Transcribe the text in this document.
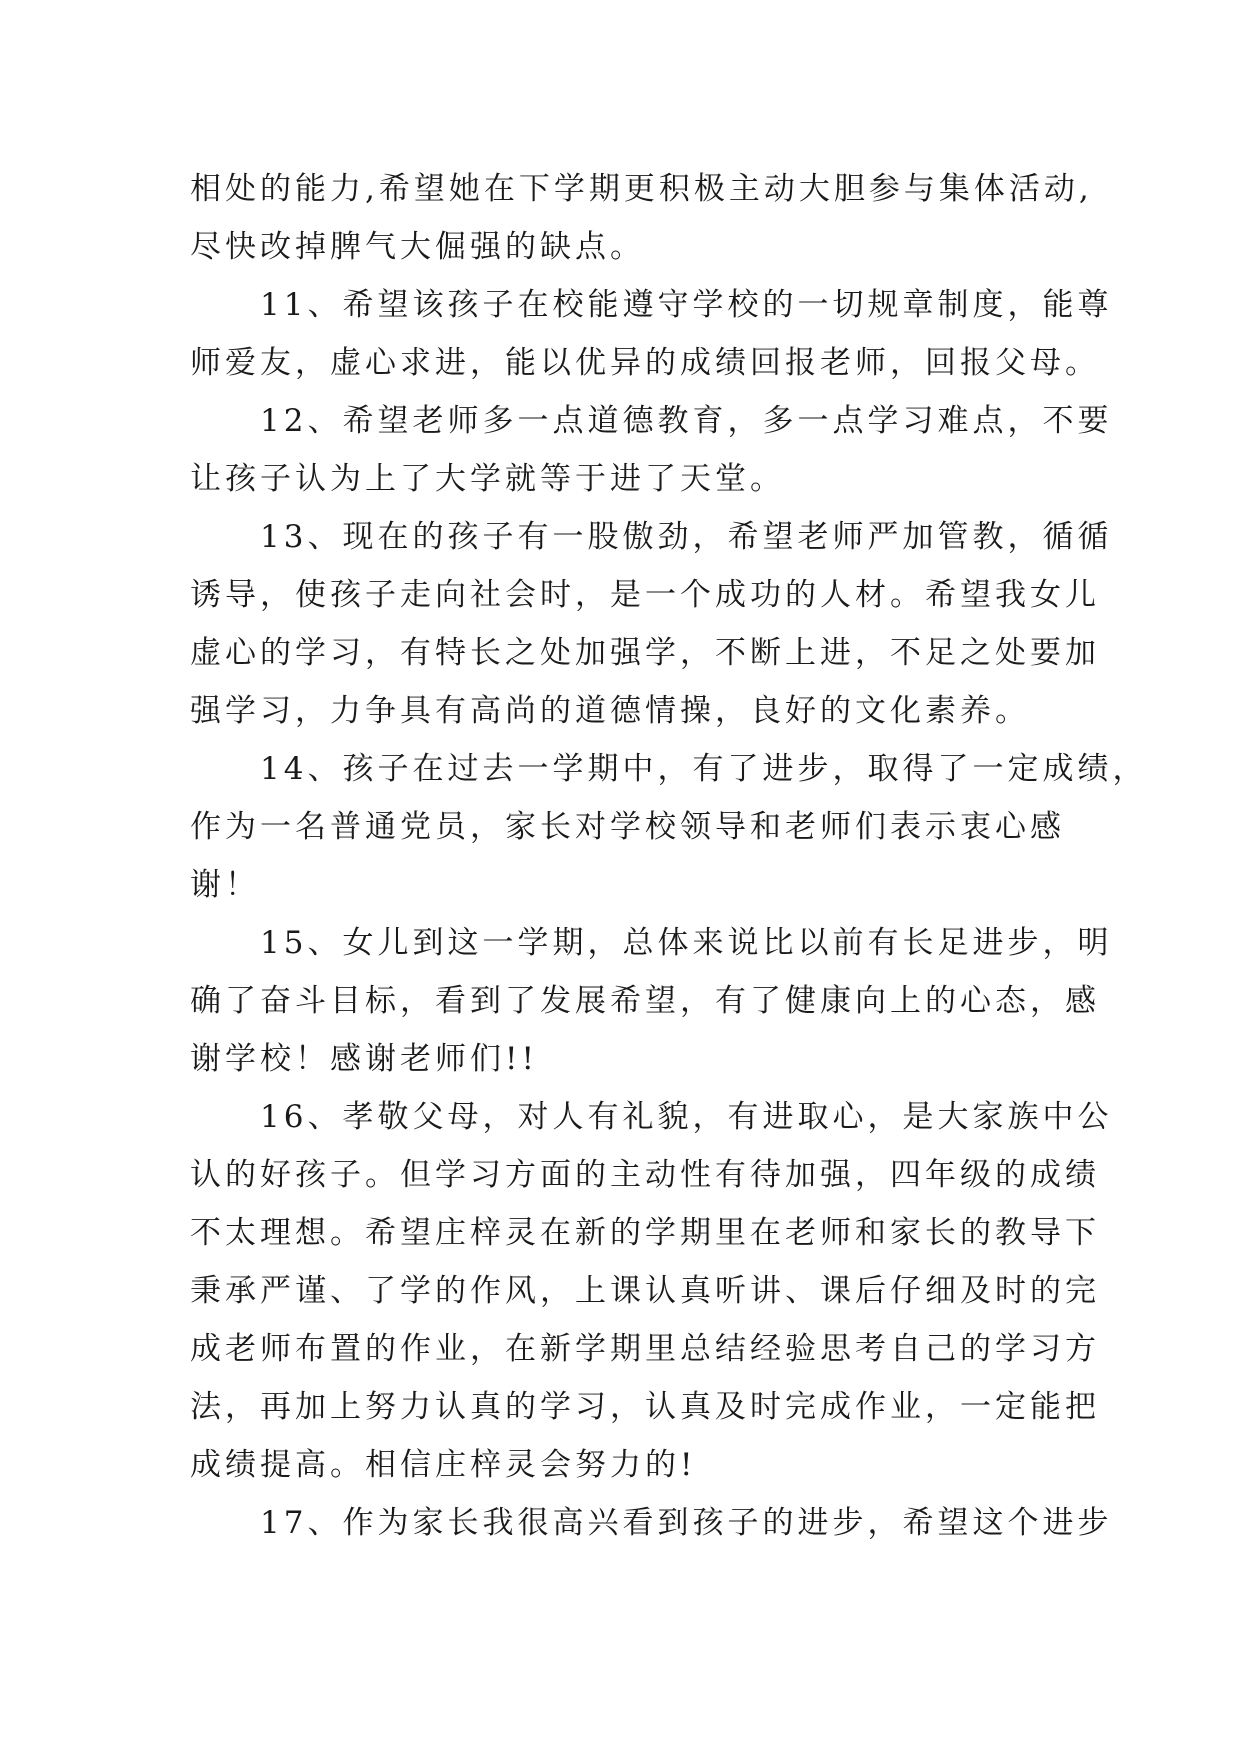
相处的能力,希望她在下学期更积极主动大胆参与集体活动,
尽快改掉脾气大倔强的缺点。
　　11、希望该孩子在校能遵守学校的一切规章制度，能尊
师爱友，虚心求进，能以优异的成绩回报老师，回报父母。
　　12、希望老师多一点道德教育，多一点学习难点，不要
让孩子认为上了大学就等于进了天堂。
　　13、现在的孩子有一股傲劲，希望老师严加管教，循循
诱导，使孩子走向社会时，是一个成功的人材。希望我女儿
虚心的学习，有特长之处加强学，不断上进，不足之处要加
强学习，力争具有高尚的道德情操，良好的文化素养。
　　14、孩子在过去一学期中，有了进步，取得了一定成绩，
作为一名普通党员，家长对学校领导和老师们表示衷心感
谢！
　　15、女儿到这一学期，总体来说比以前有长足进步，明
确了奋斗目标，看到了发展希望，有了健康向上的心态，感
谢学校！感谢老师们!!
　　16、孝敬父母，对人有礼貌，有进取心，是大家族中公
认的好孩子。但学习方面的主动性有待加强，四年级的成绩
不太理想。希望庄梓灵在新的学期里在老师和家长的教导下
秉承严谨、了学的作风，上课认真听讲、课后仔细及时的完
成老师布置的作业，在新学期里总结经验思考自己的学习方
法，再加上努力认真的学习，认真及时完成作业，一定能把
成绩提高。相信庄梓灵会努力的!
　　17、作为家长我很高兴看到孩子的进步，希望这个进步
